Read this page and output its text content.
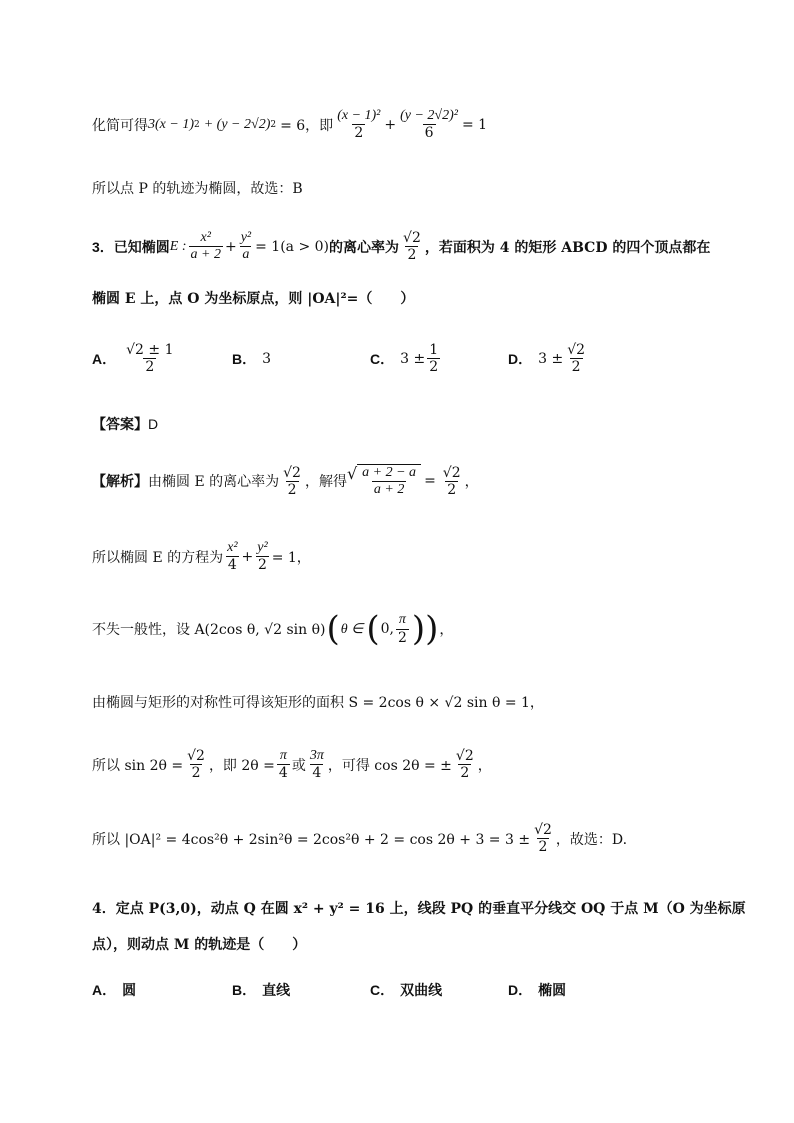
化简可得 3(x − 1) 2 + (y − 2√2) 2 = 6，即 $\frac{\text{(x − 1)²}}{2} + \frac{\text{(y − 2√2)²}}{6} = 1$
所以点 P 的轨迹为椭圆，故选：B
3． 已知椭圆 E : $\frac{\text{x²}}{a + 2} + \frac{\text{y²}}{a} = 1(a > 0)$ 的离心率为 $\frac{√2}{2}$ ，若面积为 4 的矩形 ABCD 的四个顶点都在
椭圆 E 上，点 O 为坐标原点，则 |OA|²=（　　）
A． $\frac{√2 \pm 1}{2}$	B． 3	C． $3 \pm \frac{1}{2}$	D． $3 \pm \frac{√2}{2}$
【答案】 D
【解析】 由椭圆 E 的离心率为 $\frac{√2}{2}$ ，解得 √ $\frac{a + 2 - a}{a + 2} = \frac{√2}{2}$ ，
所以椭圆 E 的方程为 $\frac{\text{x²}}{4} + \frac{\text{y²}}{2} = 1$，
不失一般性，设 A(2cos θ, √2 sin θ) ( θ ∈ ( 0, $\frac{\pi}{2}$ )) ，
由椭圆与矩形的对称性可得该矩形的面积 S = 2cos θ × √2 sin θ = 1，
所以 $\sin 2\theta = \frac{√2}{2}$ ，即 $2\theta = \frac{\pi}{4}$ 或 $\frac{3\pi}{4}$ ，可得 cos 2θ = ± $\frac{√2}{2}$ ，
所以 $|OA|^2 = 4\cos^2\theta + 2\sin^2\theta = 2\cos^2\theta + 2 = \cos 2\theta + 3 = 3 \pm \frac{√2}{2}$ ，故选：D.
4．定点 P(3,0)，动点 Q 在圆 x² + y² = 16 上，线段 PQ 的垂直平分线交 OQ 于点 M（O 为坐标原
点），则动点 M 的轨迹是（　　）
A． 圆	B． 直线	C． 双曲线	D． 椭圆
